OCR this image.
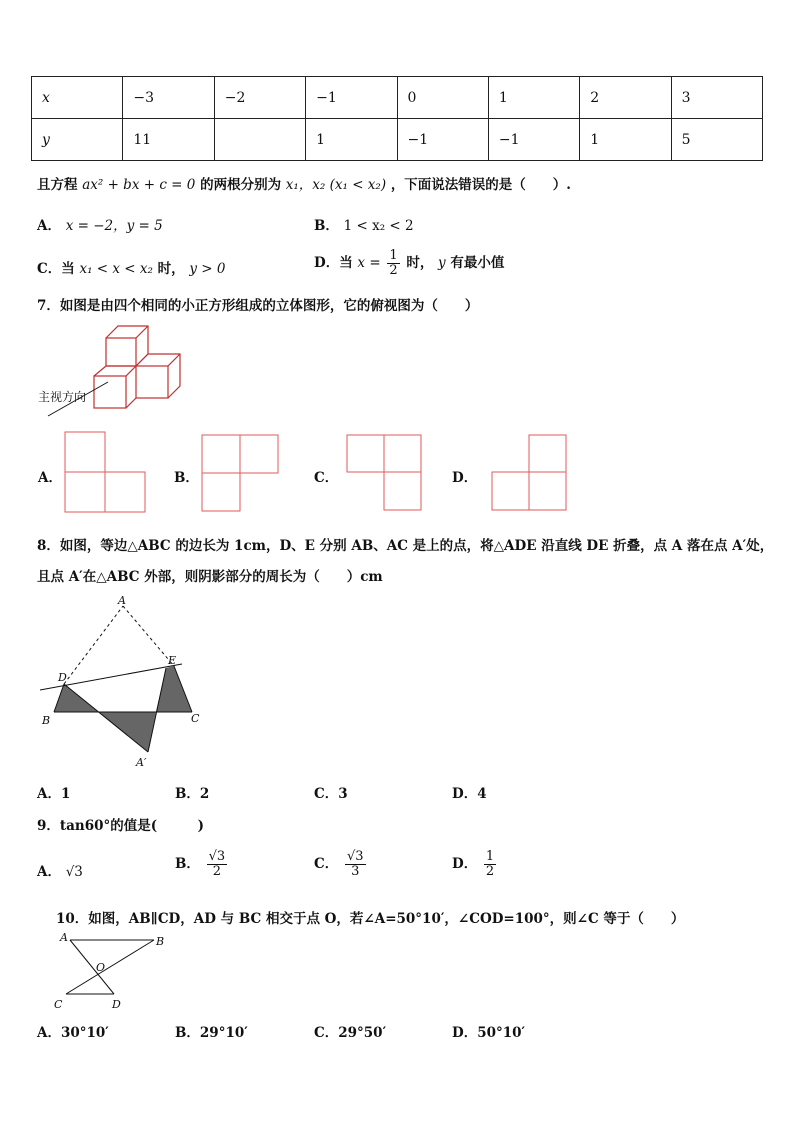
x	−3	−2	−1	0	1	2	3
y	11		1	−1	−1	1	5
且方程 ax² + bx + c = 0 的两根分别为 x₁，x₂ (x₁ < x₂) ，下面说法错误的是（　　）.
A． x = −2，y = 5	B． 1 < x₂ < 2
C．当 x₁ < x < x₂ 时， y > 0	D．当 $x = \frac{1}{2}$ 时， y 有最小值
7．如图是由四个相同的小正方形组成的立体图形，它的俯视图为（　　）
主视方向
A．	B．	C．	D．
8．如图，等边△ABC 的边长为 1cm，D、E 分别 AB、AC 是上的点，将△ADE 沿直线 DE 折叠，点 A 落在点 A′处，
且点 A′在△ABC 外部，则阴影部分的周长为（　　）cm
A
B	C
D
E
A′
A．1	B．2	C．3	D．4
9．tan60°的值是(　　　)
A． √3	B． $\frac{√3}{2}$	C． $\frac{√3}{3}$	D． $\frac{1}{2}$
10．如图，AB∥CD，AD 与 BC 相交于点 O，若∠A=50°10′，∠COD=100°，则∠C 等于（　　）
A	B
C	D
O
A．30°10′	B．29°10′	C．29°50′	D．50°10′
